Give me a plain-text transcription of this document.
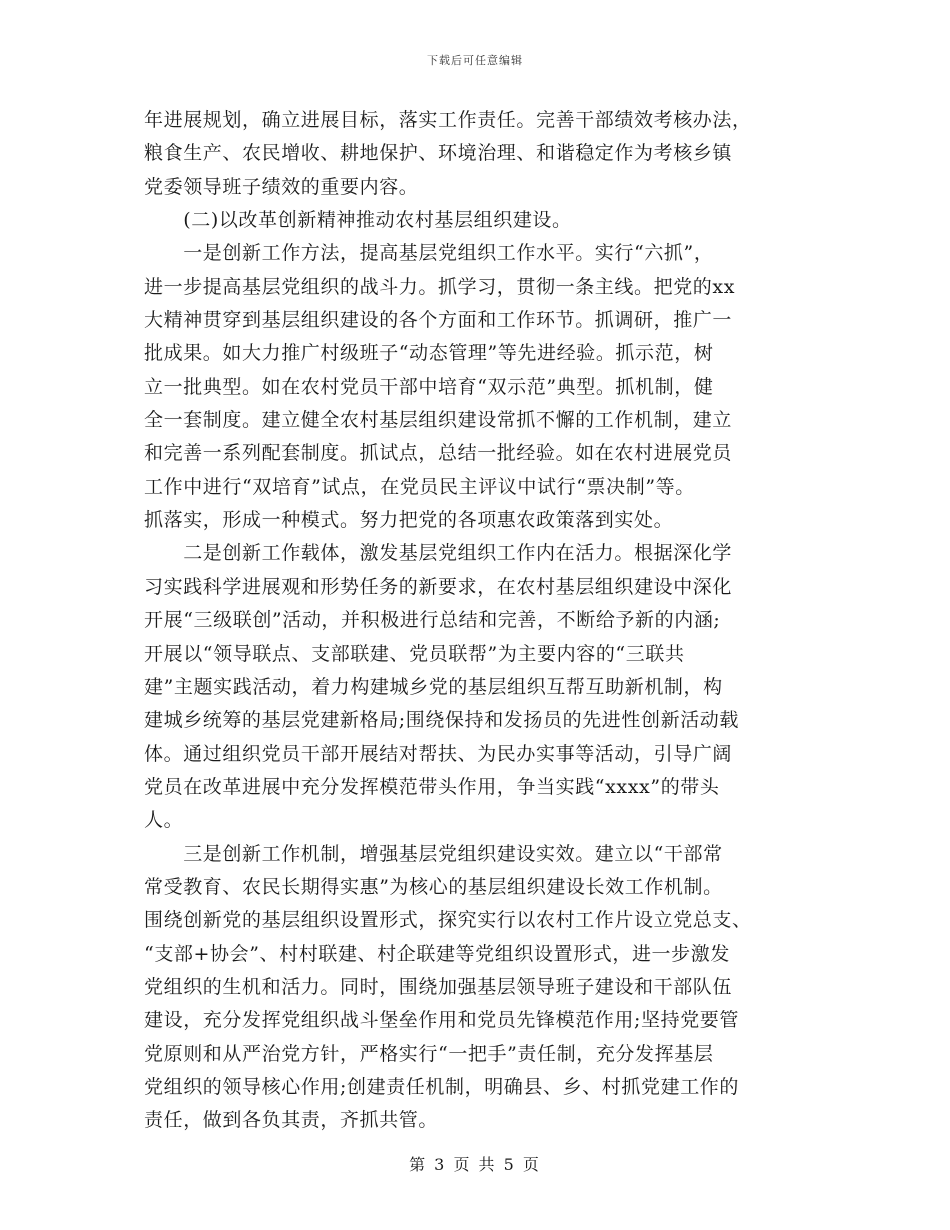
下载后可任意编辑
年进展规划，确立进展目标，落实工作责任。完善干部绩效考核办法，
粮食生产、农民增收、耕地保护、环境治理、和谐稳定作为考核乡镇
党委领导班子绩效的重要内容。
　　(二)以改革创新精神推动农村基层组织建设。
　　一是创新工作方法，提高基层党组织工作水平。实行“六抓”，
进一步提高基层党组织的战斗力。抓学习，贯彻一条主线。把党的xx
大精神贯穿到基层组织建设的各个方面和工作环节。抓调研，推广一
批成果。如大力推广村级班子“动态管理”等先进经验。抓示范，树
立一批典型。如在农村党员干部中培育“双示范”典型。抓机制，健
全一套制度。建立健全农村基层组织建设常抓不懈的工作机制，建立
和完善一系列配套制度。抓试点，总结一批经验。如在农村进展党员
工作中进行“双培育”试点，在党员民主评议中试行“票决制”等。
抓落实，形成一种模式。努力把党的各项惠农政策落到实处。
　　二是创新工作载体，激发基层党组织工作内在活力。根据深化学
习实践科学进展观和形势任务的新要求，在农村基层组织建设中深化
开展“三级联创”活动，并积极进行总结和完善，不断给予新的内涵;
开展以“领导联点、支部联建、党员联帮”为主要内容的“三联共
建”主题实践活动，着力构建城乡党的基层组织互帮互助新机制，构
建城乡统筹的基层党建新格局;围绕保持和发扬员的先进性创新活动载
体。通过组织党员干部开展结对帮扶、为民办实事等活动，引导广阔
党员在改革进展中充分发挥模范带头作用，争当实践“xxxx”的带头
人。
　　三是创新工作机制，增强基层党组织建设实效。建立以“干部常
常受教育、农民长期得实惠”为核心的基层组织建设长效工作机制。
围绕创新党的基层组织设置形式，探究实行以农村工作片设立党总支、
“支部+协会”、村村联建、村企联建等党组织设置形式，进一步激发
党组织的生机和活力。同时，围绕加强基层领导班子建设和干部队伍
建设，充分发挥党组织战斗堡垒作用和党员先锋模范作用;坚持党要管
党原则和从严治党方针，严格实行“一把手”责任制，充分发挥基层
党组织的领导核心作用;创建责任机制，明确县、乡、村抓党建工作的
责任，做到各负其责，齐抓共管。
第 3 页 共 5 页
